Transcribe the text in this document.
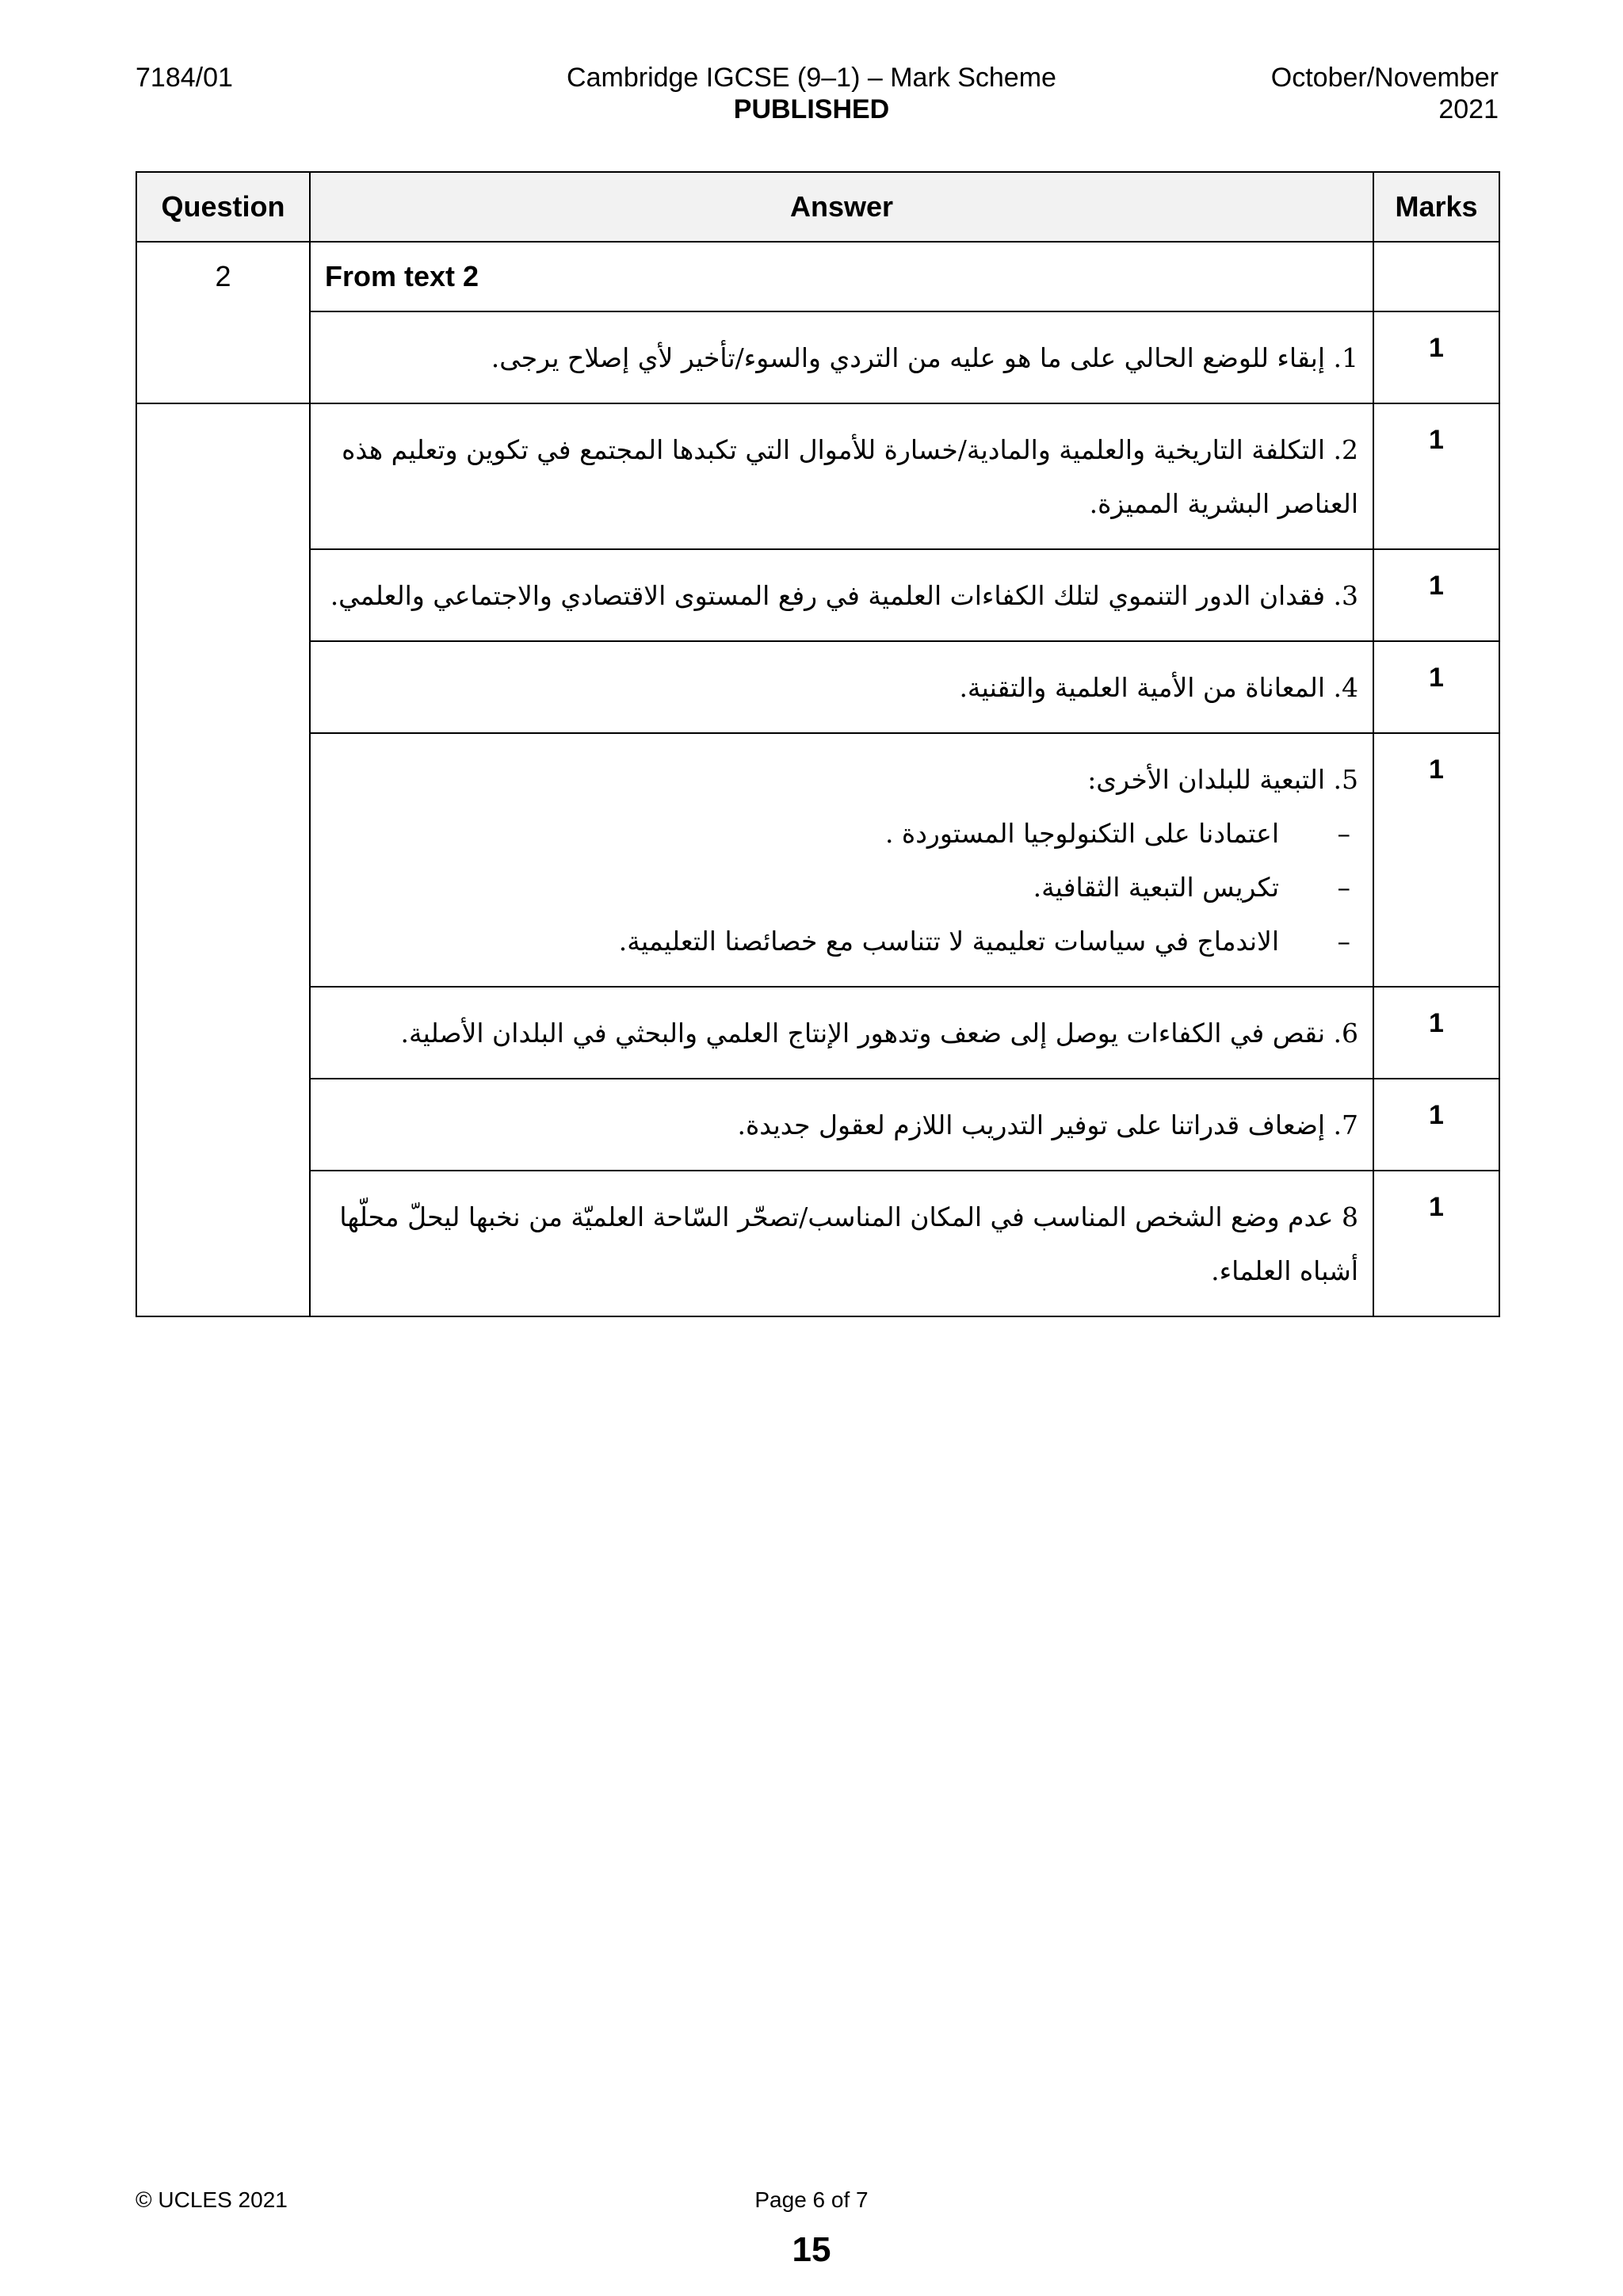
7184/01	Cambridge IGCSE (9–1) – Mark Scheme
PUBLISHED
October/November
2021
Question	Answer	Marks
2	From text 2	
	1. إبقاء للوضع الحالي على ما هو عليه من التردي والسوء/تأخير لأي إصلاح يرجى.	1
	2. التكلفة التاريخية والعلمية والمادية/خسارة للأموال التي تكبدها المجتمع في تكوين وتعليم هذه العناصر البشرية المميزة.	1
	3. فقدان الدور التنموي لتلك الكفاءات العلمية في رفع المستوى الاقتصادي والاجتماعي والعلمي.	1
	4. المعاناة من الأمية العلمية والتقنية.	1

	5. التبعية للبلدان الأخرى:
–اعتمادنا على التكنولوجيا المستوردة .
–تكريس التبعية الثقافية.
–الاندماج في سياسات تعليمية لا تتناسب مع خصائصنا التعليمية.	1
	6. نقص في الكفاءات يوصل إلى ضعف وتدهور الإنتاج العلمي والبحثي في البلدان الأصلية.	1
	7. إضعاف قدراتنا على توفير التدريب اللازم لعقول جديدة.	1
	8 عدم وضع الشخص المناسب في المكان المناسب/تصحّر السّاحة العلميّة من نخبها ليحلّ محلّها أشباه العلماء.	1
© UCLES 2021	Page 6 of 7
15
